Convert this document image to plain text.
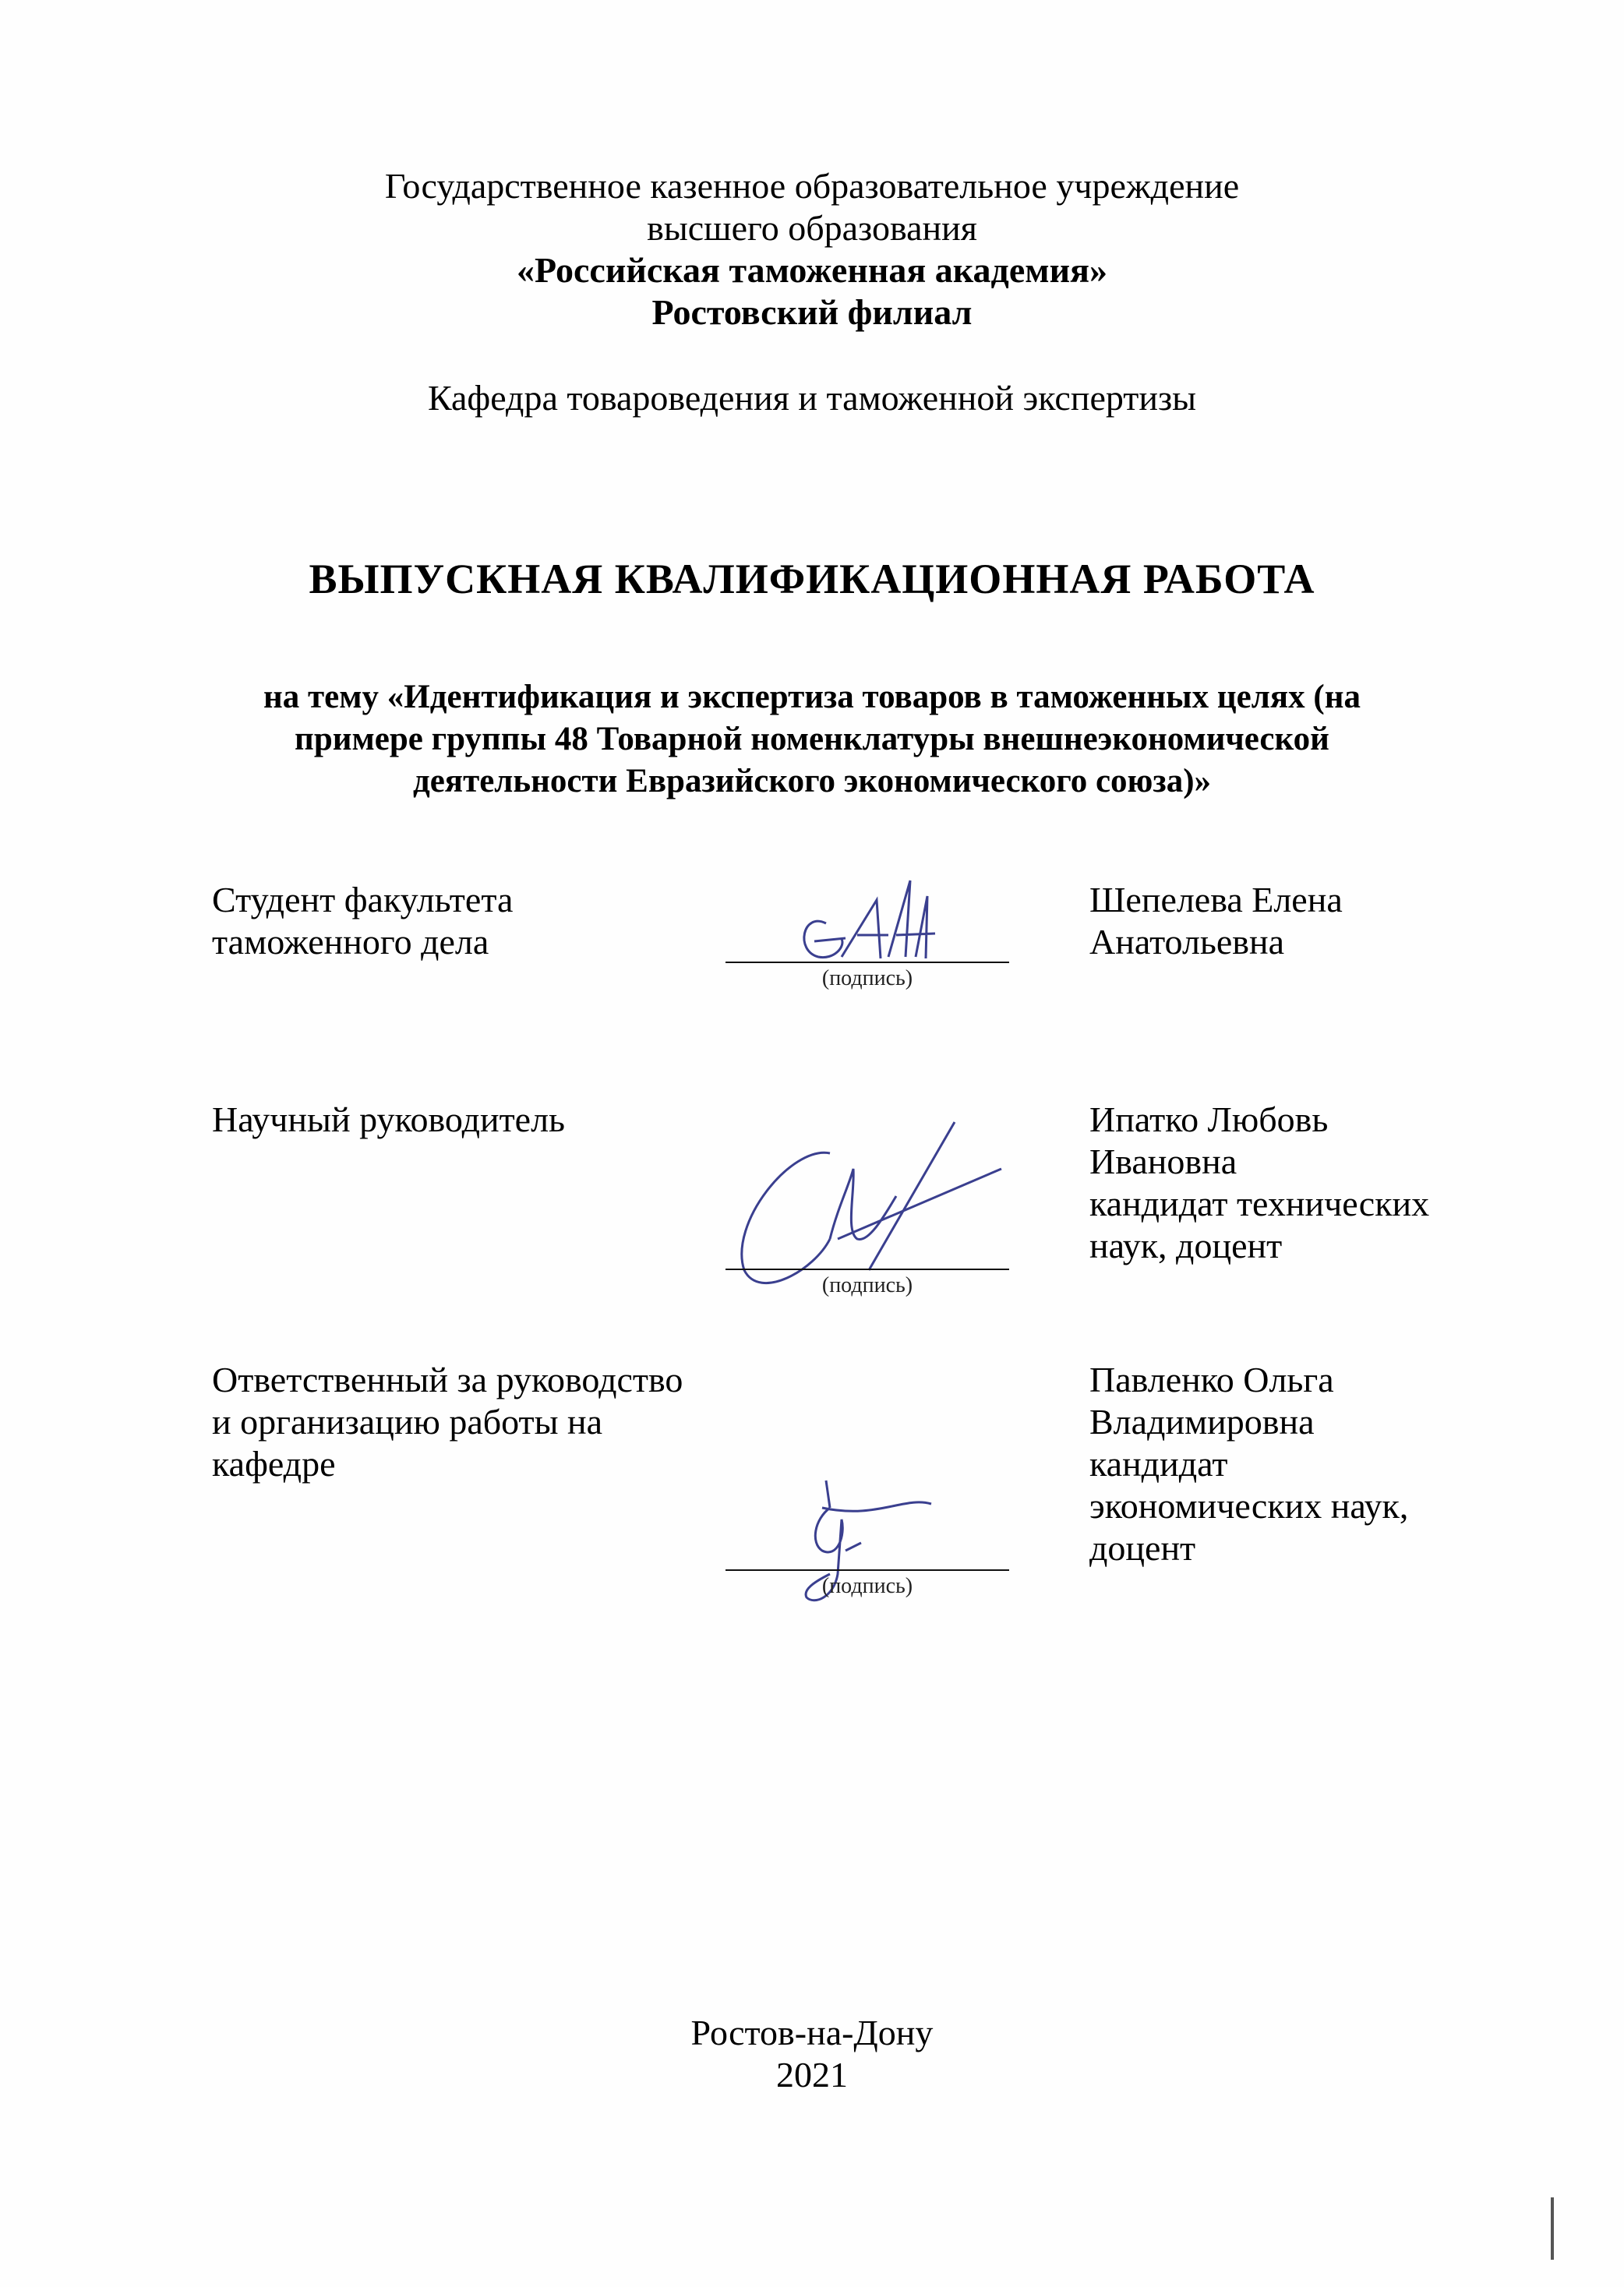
Государственное казенное образовательное учреждение
высшего образования
«Российская таможенная академия»
Ростовский филиал
Кафедра товароведения и таможенной экспертизы
ВЫПУСКНАЯ КВАЛИФИКАЦИОННАЯ РАБОТА
на тему «Идентификация и экспертиза товаров в таможенных целях (на
примере группы 48 Товарной номенклатуры внешнеэкономической
деятельности Евразийского экономического союза)»
Студент факультета
таможенного дела
(подпись)
Шепелева Елена
Анатольевна
Научный руководитель
(подпись)
Ипатко Любовь
Ивановна
кандидат технических
наук, доцент
Ответственный за руководство
и организацию работы на
кафедре
(подпись)
Павленко Ольга
Владимировна
кандидат
экономических наук,
доцент
Ростов-на-Дону
2021
